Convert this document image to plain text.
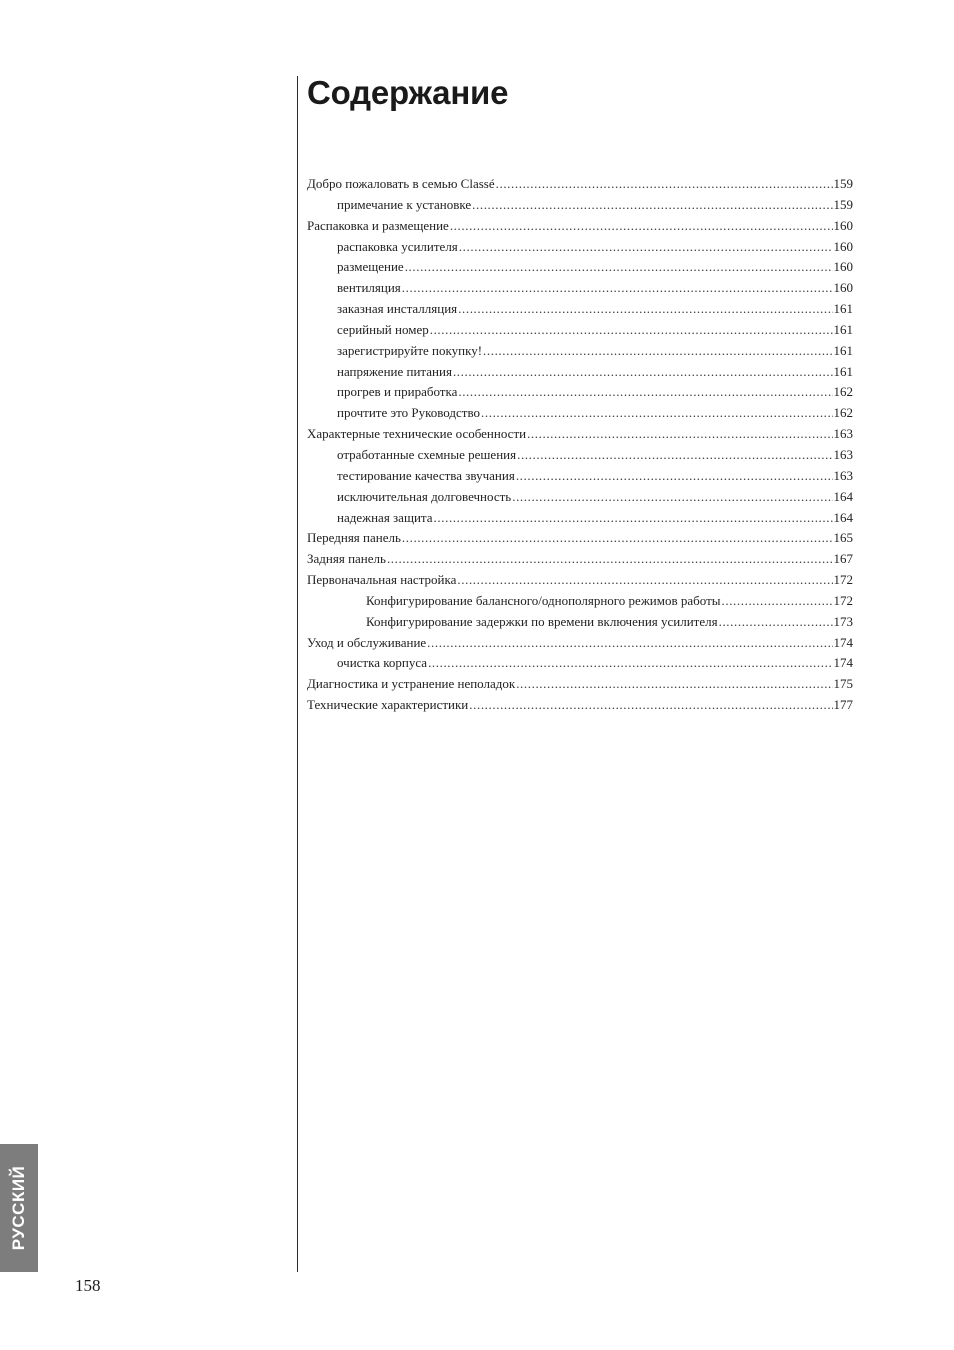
Содержание
Добро пожаловать в семью Classé .....	159
примечание к установке .....	159
Распаковка и размещение .....	160
распаковка усилителя .....	160
размещение .....	160
вентиляция .....	160
заказная инсталляция .....	161
серийный номер .....	161
зарегистрируйте покупку! .....	161
напряжение питания .....	161
прогрев и приработка .....	162
прочтите это Руководство .....	162
Характерные технические особенности .....	163
отработанные схемные решения .....	163
тестирование качества звучания .....	163
исключительная долговечность .....	164
надежная защита .....	164
Передняя панель .....	165
Задняя панель .....	167
Первоначальная настройка .....	172
Конфигурирование балансного/однополярного режимов работы .....	172
Конфигурирование задержки по времени включения усилителя .....	173
Уход и обслуживание .....	174
очистка корпуса .....	174
Диагностика и устранение неполадок .....	175
Технические характеристики .....	177
РУССКИЙ
158
